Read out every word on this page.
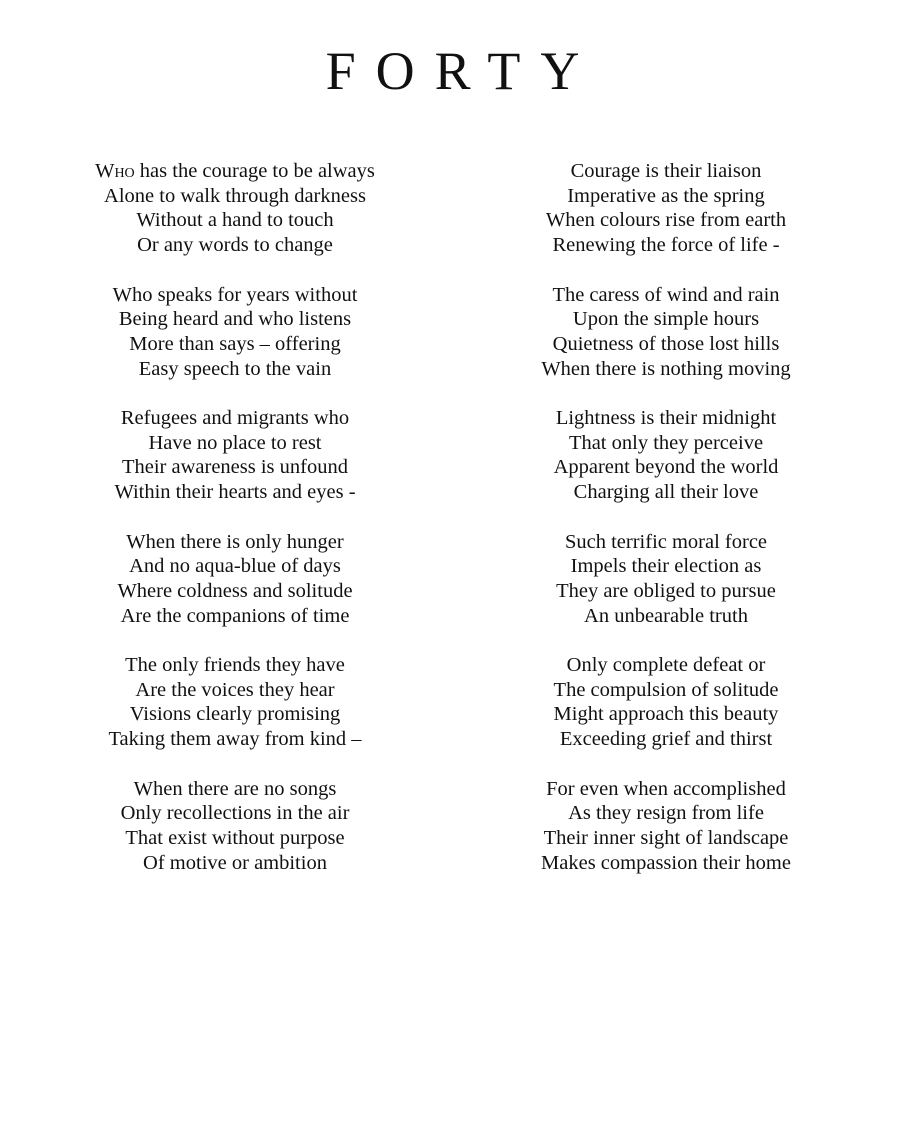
FORTY
Who has the courage to be always
Alone to walk through darkness
Without a hand to touch
Or any words to change
Who speaks for years without
Being heard and who listens
More than says – offering
Easy speech to the vain
Refugees and migrants who
Have no place to rest
Their awareness is unfound
Within their hearts and eyes -
When there is only hunger
And no aqua-blue of days
Where coldness and solitude
Are the companions of time
The only friends they have
Are the voices they hear
Visions clearly promising
Taking them away from kind –
When there are no songs
Only recollections in the air
That exist without purpose
Of motive or ambition
Courage is their liaison
Imperative as the spring
When colours rise from earth
Renewing the force of life -
The caress of wind and rain
Upon the simple hours
Quietness of those lost hills
When there is nothing moving
Lightness is their midnight
That only they perceive
Apparent beyond the world
Charging all their love
Such terrific moral force
Impels their election as
They are obliged to pursue
An unbearable truth
Only complete defeat or
The compulsion of solitude
Might approach this beauty
Exceeding grief and thirst
For even when accomplished
As they resign from life
Their inner sight of landscape
Makes compassion their home
